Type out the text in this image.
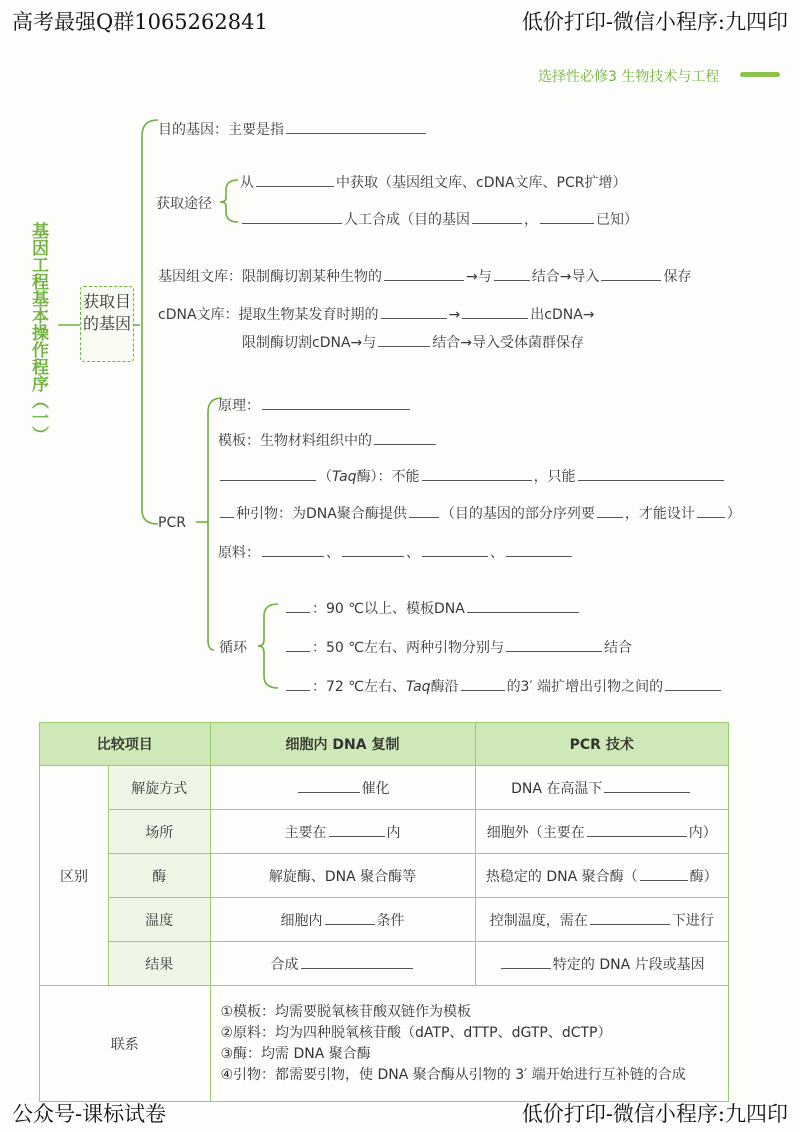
高考最强Q群1065262841	低价打印-微信小程序:九四印
公众号-课标试卷	低价打印-微信小程序:九四印
选择性必修3 生物技术与工程
基因工程基本操作程序（一） 获取目的基因
目的基因：主要是指
获取途径
从	中获取（基因组文库、cDNA文库、PCR扩增）
人工合成（目的基因	，	已知）
基因组文库：限制酶切割某种生物的	→与	结合→导入	保存
cDNA文库：提取生物某发育时期的	→	出cDNA→
限制酶切割cDNA→与	结合→导入受体菌群保存
PCR
原理：
模板：生物材料组织中的
（Taq酶）：不能	，只能
种引物：为DNA聚合酶提供 （目的基因的部分序列要 ，才能设计 ）
原料：	、	、	、
循环
：90 ℃以上、模板DNA
：50 ℃左右、两种引物分别与	结合
：72 ℃左右、Taq酶沿	的3′ 端扩增出引物之间的
比较项目		细胞内 DNA 复制	PCR 技术
区别	解旋方式	催化	DNA 在高温下
	场所	主要在 内	细胞外（主要在 内）
	酶	解旋酶、DNA 聚合酶等	热稳定的 DNA 聚合酶（ 酶）
	温度	细胞内 条件	控制温度，需在 下进行
	结果	合成	特定的 DNA 片段或基因
联系		①模板：均需要脱氧核苷酸双链作为模板
②原料：均为四种脱氧核苷酸（dATP、dTTP、dGTP、dCTP）
③酶：均需 DNA 聚合酶
④引物：都需要引物，使 DNA 聚合酶从引物的 3′ 端开始进行互补链的合成	
